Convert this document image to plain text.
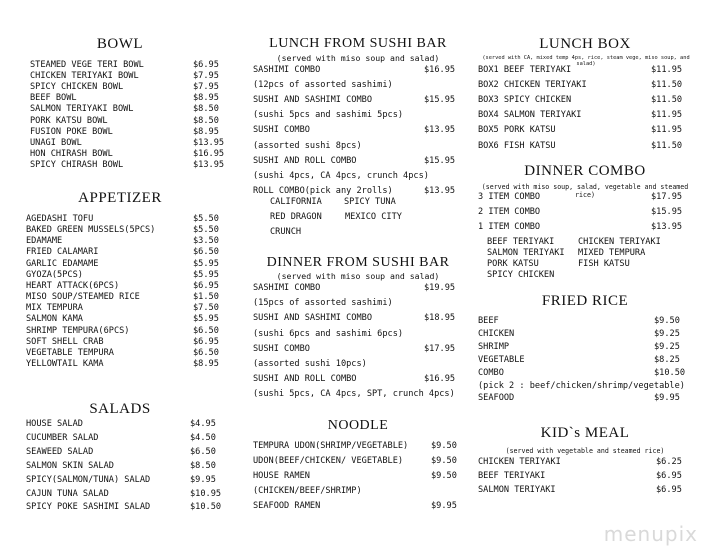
BOWL
APPETIZER
SALADS
LUNCH FROM SUSHI BAR
(served with miso soup and salad)
CALIFORNIA	SPICY TUNA
RED DRAGON	MEXICO CITY
CRUNCH
DINNER FROM SUSHI BAR
(served with miso soup and salad)
NOODLE
LUNCH BOX
(served with CA, mixed temp 4ps, rice, steam vege, miso soup, and salad)
DINNER COMBO
(served with miso soup, salad, vegetable and steamed rice)
BEEF TERIYAKI	CHICKEN TERIYAKI
SALMON TERIYAKI MIXED TEMPURA
PORK KATSU	FISH KATSU
SPICY CHICKEN
FRIED RICE
KID`s MEAL
(served with vegetable and steamed rice)
menupix
STEAMED VEGE TERI BOWL	$6.95
CHICKEN TERIYAKI BOWL	$7.95
SPICY CHICKEN BOWL	$7.95
BEEF BOWL	$8.95
SALMON TERIYAKI BOWL	$8.50
PORK KATSU BOWL	$8.50
FUSION POKE BOWL	$8.95
UNAGI BOWL	$13.95
HON CHIRASH BOWL	$16.95
SPICY CHIRASH BOWL	$13.95
AGEDASHI TOFU	$5.50
BAKED GREEN MUSSELS(5PCS)	$5.50
EDAMAME	$3.50
FRIED CALAMARI	$6.50
GARLIC EDAMAME	$5.95
GYOZA(5PCS)	$5.95
HEART ATTACK(6PCS)	$6.95
MISO SOUP/STEAMED RICE	$1.50
MIX TEMPURA	$7.50
SALMON KAMA	$5.95
SHRIMP TEMPURA(6PCS)	$6.50
SOFT SHELL CRAB	$6.95
VEGETABLE TEMPURA	$6.50
YELLOWTAIL KAMA	$8.95
HOUSE SALAD	$4.95
CUCUMBER SALAD	$4.50
SEAWEED SALAD	$6.50
SALMON SKIN SALAD	$8.50
SPICY(SALMON/TUNA) SALAD	$9.95
CAJUN TUNA SALAD	$10.95
SPICY POKE SASHIMI SALAD	$10.50
SASHIMI COMBO	$16.95
(12pcs of assorted sashimi)
SUSHI AND SASHIMI COMBO	$15.95
(sushi 5pcs and sashimi 5pcs)
SUSHI COMBO	$13.95
(assorted sushi 8pcs)
SUSHI AND ROLL COMBO	$15.95
(sushi 4pcs, CA 4pcs, crunch 4pcs)
ROLL COMBO(pick any 2rolls)	$13.95
SASHIMI COMBO	$19.95
(15pcs of assorted sashimi)
SUSHI AND SASHIMI COMBO	$18.95
(sushi 6pcs and sashimi 6pcs)
SUSHI COMBO	$17.95
(assorted sushi 10pcs)
SUSHI AND ROLL COMBO	$16.95
(sushi 5pcs, CA 4pcs, SPT, crunch 4pcs)
TEMPURA UDON(SHRIMP/VEGETABLE)	$9.50
UDON(BEEF/CHICKEN/ VEGETABLE)	$9.50
HOUSE RAMEN	$9.50
(CHICKEN/BEEF/SHRIMP)
SEAFOOD RAMEN	$9.95
BOX1 BEEF TERIYAKI	$11.95
BOX2 CHICKEN TERIYAKI	$11.50
BOX3 SPICY CHICKEN	$11.50
BOX4 SALMON TERIYAKI	$11.95
BOX5 PORK KATSU	$11.95
BOX6 FISH KATSU	$11.50
3 ITEM COMBO	$17.95
2 ITEM COMBO	$15.95
1 ITEM COMBO	$13.95
BEEF	$9.50
CHICKEN	$9.25
SHRIMP	$9.25
VEGETABLE	$8.25
COMBO	$10.50
(pick 2 : beef/chicken/shrimp/vegetable)
SEAFOOD	$9.95
CHICKEN TERIYAKI	$6.25
BEEF TERIYAKI	$6.95
SALMON TERIYAKI	$6.95
